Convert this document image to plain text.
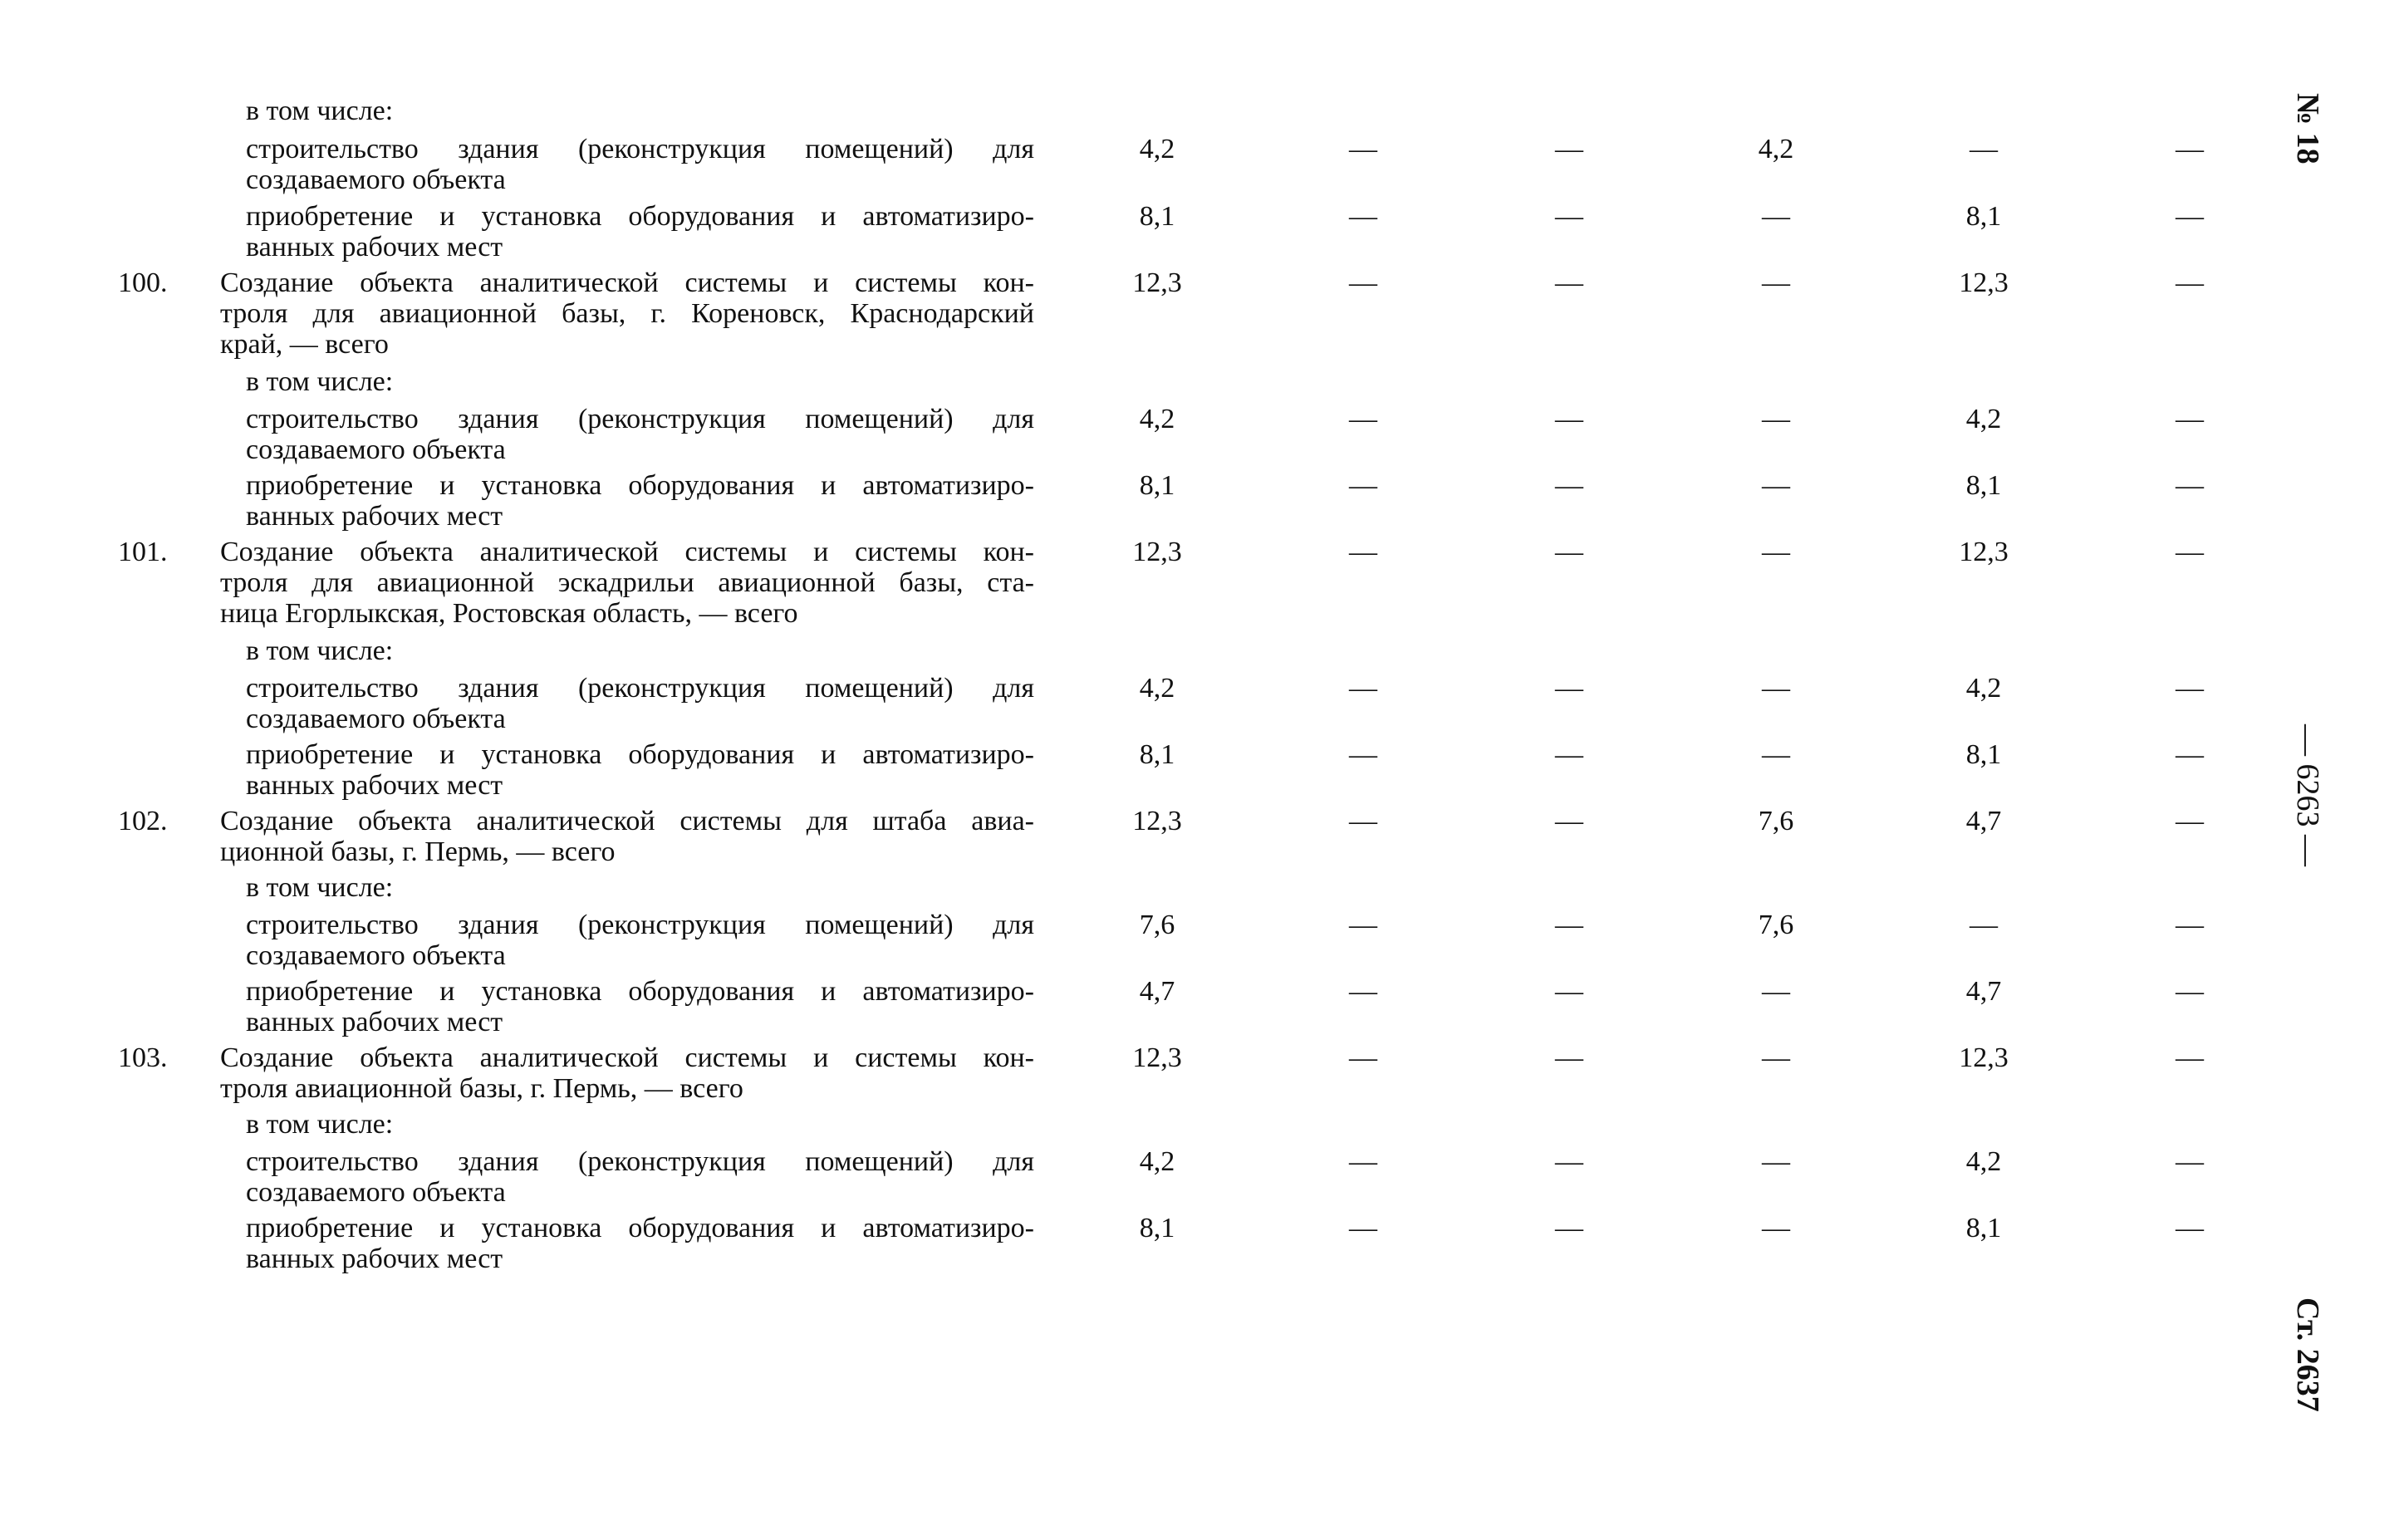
в том числе:
строительство здания (реконструкция помещений) для
создаваемого объекта
4,2	—	—	4,2	—	—
приобретение и установка оборудования и автоматизиро-
ванных рабочих мест
8,1	—	—	—	8,1	—
100. Создание объекта аналитической системы и системы кон-
троля для авиационной базы, г. Кореновск, Краснодарский
край, — всего
12,3	—	—	—	12,3	—
в том числе:
строительство здания (реконструкция помещений) для
создаваемого объекта
4,2	—	—	—	4,2	—
приобретение и установка оборудования и автоматизиро-
ванных рабочих мест
8,1	—	—	—	8,1	—
101. Создание объекта аналитической системы и системы кон-
троля для авиационной эскадрильи авиационной базы, ста-
ница Егорлыкская, Ростовская область, — всего
12,3	—	—	—	12,3	—
в том числе:
строительство здания (реконструкция помещений) для
создаваемого объекта
4,2	—	—	—	4,2	—
приобретение и установка оборудования и автоматизиро-
ванных рабочих мест
8,1	—	—	—	8,1	—
102. Создание объекта аналитической системы для штаба авиа-
ционной базы, г. Пермь, — всего
12,3	—	—	7,6	4,7	—
в том числе:
строительство здания (реконструкция помещений) для
создаваемого объекта
7,6	—	—	7,6	—	—
приобретение и установка оборудования и автоматизиро-
ванных рабочих мест
4,7	—	—	—	4,7	—
103. Создание объекта аналитической системы и системы кон-
троля авиационной базы, г. Пермь, — всего
12,3	—	—	—	12,3	—
в том числе:
строительство здания (реконструкция помещений) для
создаваемого объекта
4,2	—	—	—	4,2	—
приобретение и установка оборудования и автоматизиро-
ванных рабочих мест
8,1	—	—	—	8,1	—
№ 18
— 6263 —
Ст. 2637
